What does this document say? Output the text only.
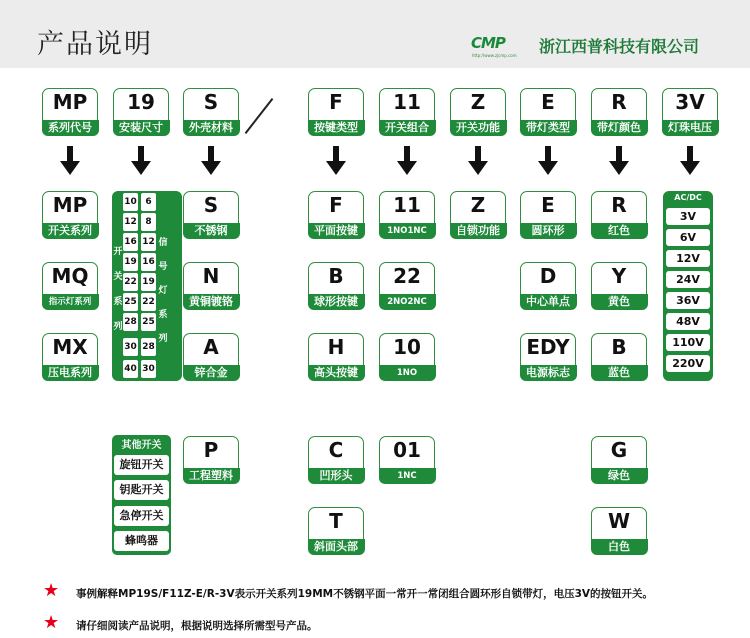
产品说明	CMP
http://www.zjcmp.com 浙江西普科技有限公司
MP
系列代号
19
安装尺寸
S
外壳材料
F
按键类型
11
开关组合
Z
开关功能
E
带灯类型
R
带灯颜色
3V
灯珠电压
MP
开关系列
MQ
指示灯系列
MX
压电系列
10
12
16
19
22
25
28
30
40
6
8
12
16
19
22
25
28
30
开
关
系
列
信
号
灯
系
列
S
不锈钢
N
黄铜镀铬
A
锌合金
P
工程塑料
其他开关
旋钮开关
钥匙开关
急停开关
蜂鸣器
F
平面按键
B
球形按键
H
高头按键
C
凹形头
T
斜面头部
11
1NO1NC
22
2NO2NC
10
1NO
01
1NC
Z
自锁功能
E
圆环形
D
中心单点
EDY
电源标志
R
红色
Y
黄色
B
蓝色
G
绿色
W
白色
AC/DC
3V
6V
12V
24V
36V
48V
110V
220V
★ 事例解释MP19S/F11Z-E/R-3V表示开关系列19MM不锈钢平面一常开一常闭组合圆环形自锁带灯，电压3V的按钮开关。
★ 请仔细阅读产品说明，根据说明选择所需型号产品。
